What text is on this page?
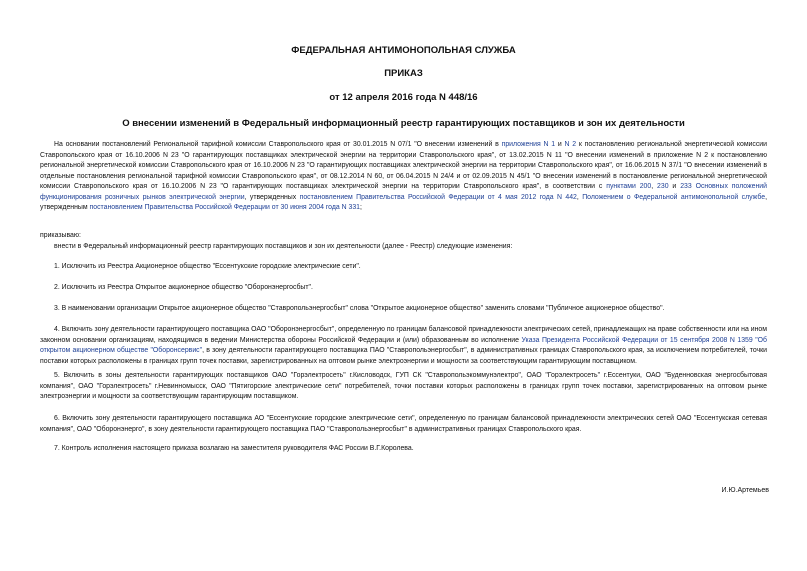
ФЕДЕРАЛЬНАЯ АНТИМОНОПОЛЬНАЯ СЛУЖБА
ПРИКАЗ
от 12 апреля 2016 года N 448/16
О внесении изменений в Федеральный информационный реестр гарантирующих поставщиков и зон их деятельности
На основании постановлений Региональной тарифной комиссии Ставропольского края от 30.01.2015 N 07/1 "О внесении изменений в приложения N 1 и N 2 к постановлению региональной энергетической комиссии Ставропольского края от 16.10.2006 N 23 "О гарантирующих поставщиках электрической энергии на территории Ставропольского края", от 13.02.2015 N 11 "О внесении изменений в приложение N 2 к постановлению региональной энергетической комиссии Ставропольского края от 16.10.2006 N 23 "О гарантирующих поставщиках электрической энергии на территории Ставропольского края", от 16.06.2015 N 37/1 "О внесении изменений в отдельные постановления региональной тарифной комиссии Ставропольского края", от 08.12.2014 N 60, от 06.04.2015 N 24/4 и от 02.09.2015 N 45/1 "О внесении изменений в постановление региональной энергетической комиссии Ставропольского края от 16.10.2006 N 23 "О гарантирующих поставщиках электрической энергии на территории Ставропольского края", в соответствии с пунктами 200, 230 и 233 Основных положений функционирования розничных рынков электрической энергии, утвержденных постановлением Правительства Российской Федерации от 4 мая 2012 года N 442, Положением о Федеральной антимонопольной службе, утвержденным постановлением Правительства Российской Федерации от 30 июня 2004 года N 331;
приказываю:
внести в Федеральный информационный реестр гарантирующих поставщиков и зон их деятельности (далее - Реестр) следующие изменения:
1. Исключить из Реестра Акционерное общество "Ессентукские городские электрические сети".
2. Исключить из Реестра Открытое акционерное общество "Оборонэнергосбыт".
3. В наименовании организации Открытое акционерное общество "Ставропольэнергосбыт" слова "Открытое акционерное общество" заменить словами "Публичное акционерное общество".
4. Включить зону деятельности гарантирующего поставщика ОАО "Оборонэнергосбыт", определенную по границам балансовой принадлежности электрических сетей, принадлежащих на праве собственности или на ином законном основании организациям, находящимся в ведении Министерства обороны Российской Федерации и (или) образованным во исполнение Указа Президента Российской Федерации от 15 сентября 2008 N 1359 "Об открытом акционерном обществе "Оборонсервис", в зону деятельности гарантирующего поставщика ПАО "Ставропольэнергосбыт", в административных границах Ставропольского края, за исключением потребителей, точки поставки которых расположены в границах групп точек поставки, зарегистрированных на оптовом рынке электроэнергии и мощности за соответствующим гарантирующим поставщиком.
5. Включить в зоны деятельности гарантирующих поставщиков ОАО "Горэлектросеть" г.Кисловодск, ГУП СК "Ставропольэкоммунэлектро", ОАО "Горэлектросеть" г.Ессентуки, ОАО "Буденновская энергосбытовая компания", ОАО "Горэлектросеть" г.Невинномысск, ОАО "Пятигорские электрические сети" потребителей, точки поставки которых расположены в границах групп точек поставки, зарегистрированных на оптовом рынке электроэнергии и мощности за соответствующим гарантирующим поставщиком.
6. Включить зону деятельности гарантирующего поставщика АО "Ессентукские городские электрические сети", определенную по границам балансовой принадлежности электрических сетей ОАО "Ессентукская сетевая компания", ОАО "Оборонэнерго", в зону деятельности гарантирующего поставщика ПАО "Ставропольэнергосбыт" в административных границах Ставропольского края.
7. Контроль исполнения настоящего приказа возлагаю на заместителя руководителя ФАС России В.Г.Королева.
И.Ю.Артемьев
